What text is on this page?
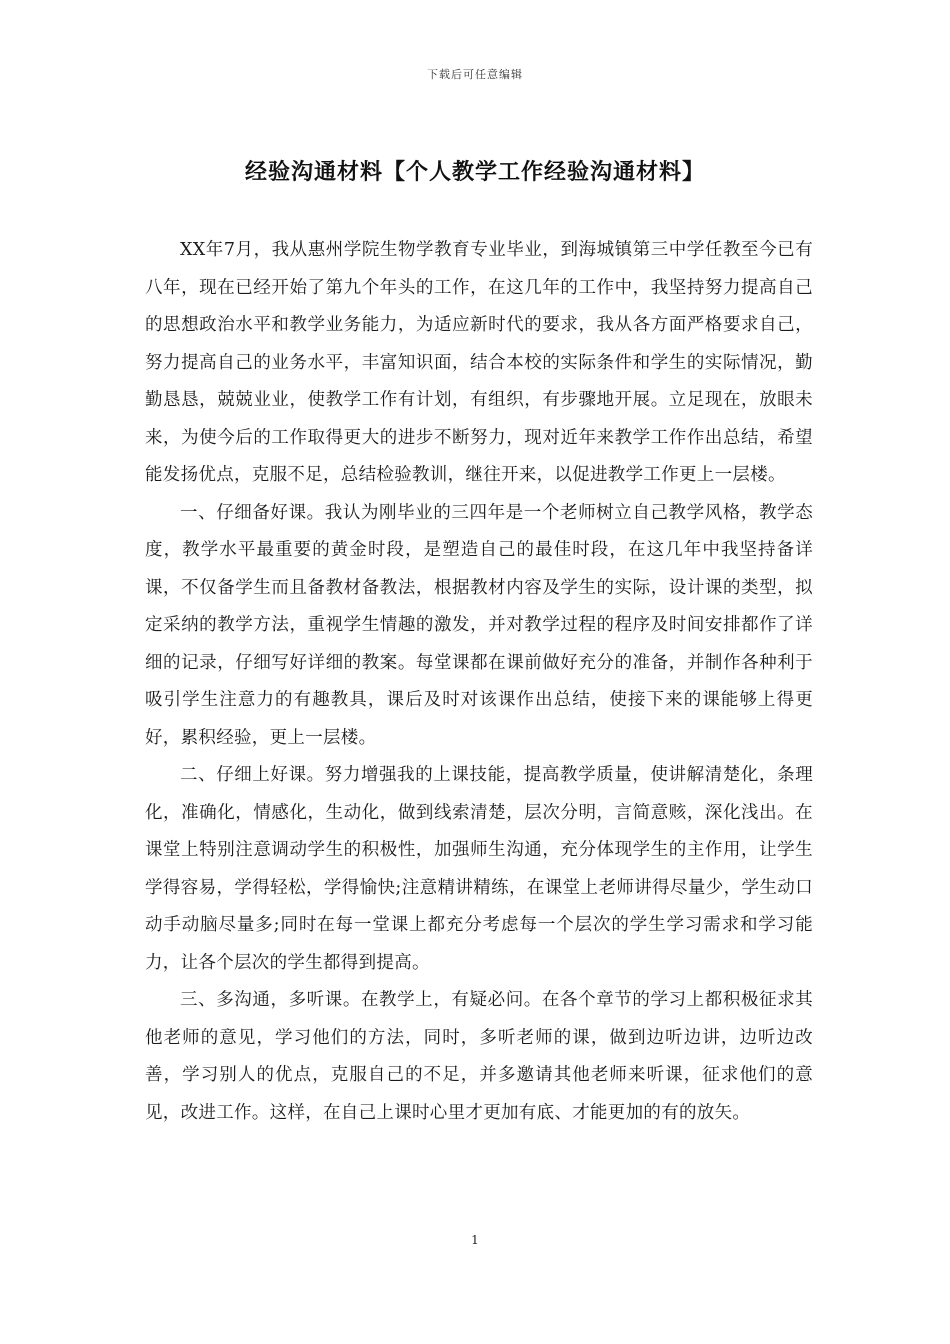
下载后可任意编辑
经验沟通材料【个人教学工作经验沟通材料】

XX年7月，我从惠州学院生物学教育专业毕业，到海城镇第三中学任教至今已有八年，现在已经开始了第九个年头的工作，在这几年的工作中，我坚持努力提高自己的思想政治水平和教学业务能力，为适应新时代的要求，我从各方面严格要求自己，努力提高自己的业务水平，丰富知识面，结合本校的实际条件和学生的实际情况，勤勤恳恳，兢兢业业，使教学工作有计划，有组织，有步骤地开展。立足现在，放眼未来，为使今后的工作取得更大的进步不断努力，现对近年来教学工作作出总结，希望能发扬优点，克服不足，总结检验教训，继往开来，以促进教学工作更上一层楼。

一、仔细备好课。我认为刚毕业的三四年是一个老师树立自己教学风格，教学态度，教学水平最重要的黄金时段，是塑造自己的最佳时段，在这几年中我坚持备详课，不仅备学生而且备教材备教法，根据教材内容及学生的实际，设计课的类型，拟定采纳的教学方法，重视学生情趣的激发，并对教学过程的程序及时间安排都作了详细的记录，仔细写好详细的教案。每堂课都在课前做好充分的准备，并制作各种利于吸引学生注意力的有趣教具，课后及时对该课作出总结，使接下来的课能够上得更好，累积经验，更上一层楼。

二、仔细上好课。努力增强我的上课技能，提高教学质量，使讲解清楚化，条理化，准确化，情感化，生动化，做到线索清楚，层次分明，言简意赅，深化浅出。在课堂上特别注意调动学生的积极性，加强师生沟通，充分体现学生的主作用，让学生学得容易，学得轻松，学得愉快;注意精讲精练，在课堂上老师讲得尽量少，学生动口动手动脑尽量多;同时在每一堂课上都充分考虑每一个层次的学生学习需求和学习能力，让各个层次的学生都得到提高。

三、多沟通，多听课。在教学上，有疑必问。在各个章节的学习上都积极征求其他老师的意见，学习他们的方法，同时，多听老师的课，做到边听边讲，边听边改善，学习别人的优点，克服自己的不足，并多邀请其他老师来听课，征求他们的意见，改进工作。这样，在自己上课时心里才更加有底、才能更加的有的放矢。

1
